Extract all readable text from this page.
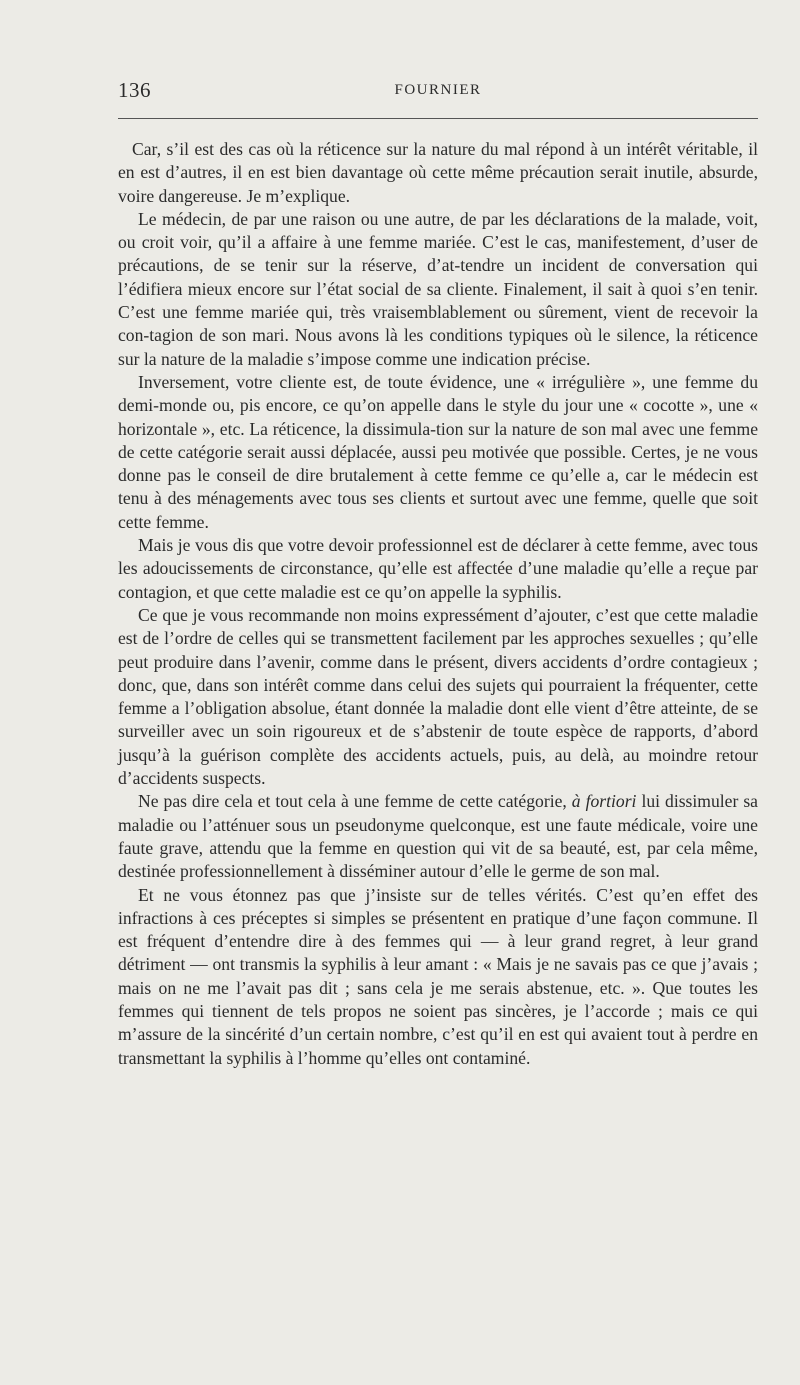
136	FOURNIER

Car, s’il est des cas où la réticence sur la nature du mal répond à un intérêt véritable, il en est d’autres, il en est bien davantage où cette même précaution serait inutile, absurde, voire dangereuse. Je m’explique.

Le médecin, de par une raison ou une autre, de par les déclarations de la malade, voit, ou croit voir, qu’il a affaire à une femme mariée. C’est le cas, manifestement, d’user de précautions, de se tenir sur la réserve, d’at-tendre un incident de conversation qui l’édifiera mieux encore sur l’état social de sa cliente. Finalement, il sait à quoi s’en tenir. C’est une femme mariée qui, très vraisemblablement ou sûrement, vient de recevoir la con-tagion de son mari. Nous avons là les conditions typiques où le silence, la réticence sur la nature de la maladie s’impose comme une indication précise.

Inversement, votre cliente est, de toute évidence, une « irrégulière », une femme du demi-monde ou, pis encore, ce qu’on appelle dans le style du jour une « cocotte », une « horizontale », etc. La réticence, la dissimula-tion sur la nature de son mal avec une femme de cette catégorie serait aussi déplacée, aussi peu motivée que possible. Certes, je ne vous donne pas le conseil de dire brutalement à cette femme ce qu’elle a, car le médecin est tenu à des ménagements avec tous ses clients et surtout avec une femme, quelle que soit cette femme.

Mais je vous dis que votre devoir professionnel est de déclarer à cette femme, avec tous les adoucissements de circonstance, qu’elle est affectée d’une maladie qu’elle a reçue par contagion, et que cette maladie est ce qu’on appelle la syphilis.

Ce que je vous recommande non moins expressément d’ajouter, c’est que cette maladie est de l’ordre de celles qui se transmettent facilement par les approches sexuelles ; qu’elle peut produire dans l’avenir, comme dans le présent, divers accidents d’ordre contagieux ; donc, que, dans son intérêt comme dans celui des sujets qui pourraient la fréquenter, cette femme a l’obligation absolue, étant donnée la maladie dont elle vient d’être atteinte, de se surveiller avec un soin rigoureux et de s’abstenir de toute espèce de rapports, d’abord jusqu’à la guérison complète des accidents actuels, puis, au delà, au moindre retour d’accidents suspects.

Ne pas dire cela et tout cela à une femme de cette catégorie, à fortiori lui dissimuler sa maladie ou l’atténuer sous un pseudonyme quelconque, est une faute médicale, voire une faute grave, attendu que la femme en question qui vit de sa beauté, est, par cela même, destinée professionnellement à disséminer autour d’elle le germe de son mal.

Et ne vous étonnez pas que j’insiste sur de telles vérités. C’est qu’en effet des infractions à ces préceptes si simples se présentent en pratique d’une façon commune. Il est fréquent d’entendre dire à des femmes qui — à leur grand regret, à leur grand détriment — ont transmis la syphilis à leur amant : « Mais je ne savais pas ce que j’avais ; mais on ne me l’avait pas dit ; sans cela je me serais abstenue, etc. ». Que toutes les femmes qui tiennent de tels propos ne soient pas sincères, je l’accorde ; mais ce qui m’assure de la sincérité d’un certain nombre, c’est qu’il en est qui avaient tout à perdre en transmettant la syphilis à l’homme qu’elles ont contaminé.
